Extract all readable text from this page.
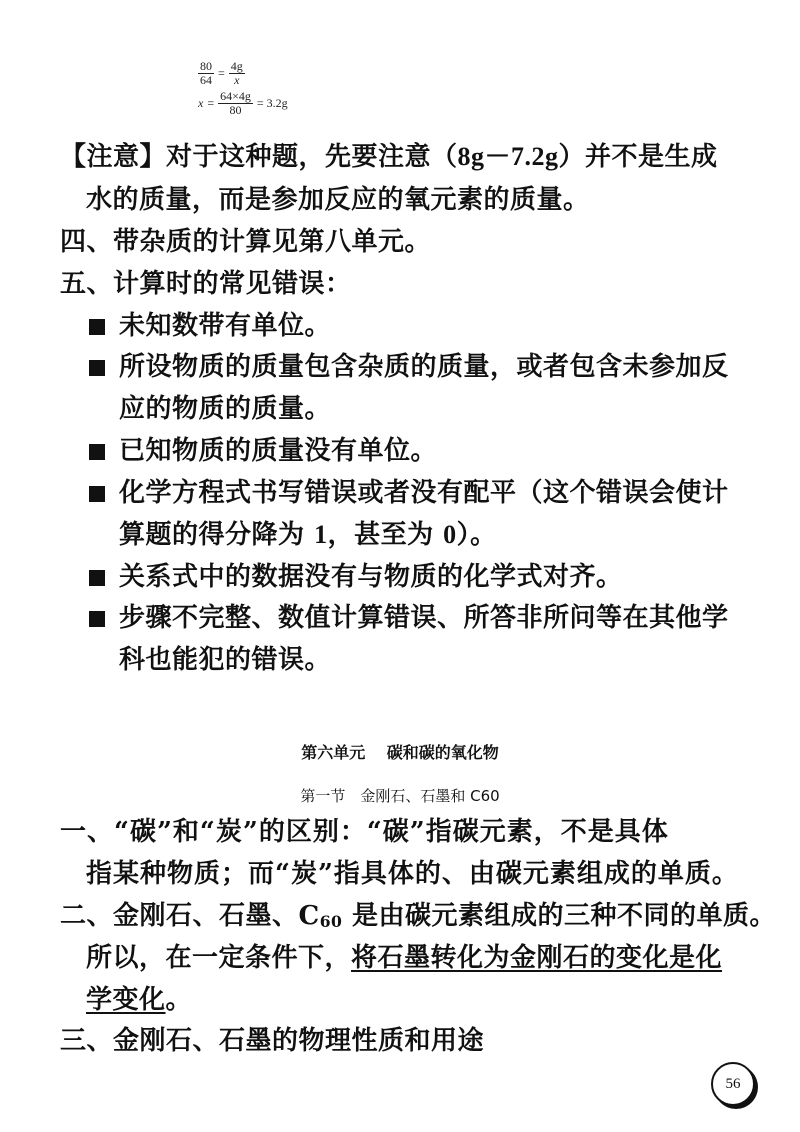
$\frac{80}{64} = \frac{4g}{x}$
$x = \frac{64\times 4g}{80} = 3.2g$
【注意】对于这种题，先要注意（8g－7.2g）并不是生成
水的质量，而是参加反应的氧元素的质量。
四、带杂质的计算见第八单元。
五、计算时的常见错误：
未知数带有单位。
所设物质的质量包含杂质的质量，或者包含未参加反
应的物质的质量。
已知物质的质量没有单位。
化学方程式书写错误或者没有配平（这个错误会使计
算题的得分降为 1，甚至为 0）。
关系式中的数据没有与物质的化学式对齐。
步骤不完整、数值计算错误、所答非所问等在其他学
科也能犯的错误。
第六单元　 碳和碳的氧化物
第一节　金刚石、石墨和 C60
一、“碳”和“炭”的区别：“碳”指碳元素，不是具体
指某种物质；而“炭”指具体的、由碳元素组成的单质。
二、金刚石、石墨、$C_{60}$ 是由碳元素组成的三种不同的单质。
所以，在一定条件下，将石墨转化为金刚石的变化是化
学变化。
三、金刚石、石墨的物理性质和用途
56
